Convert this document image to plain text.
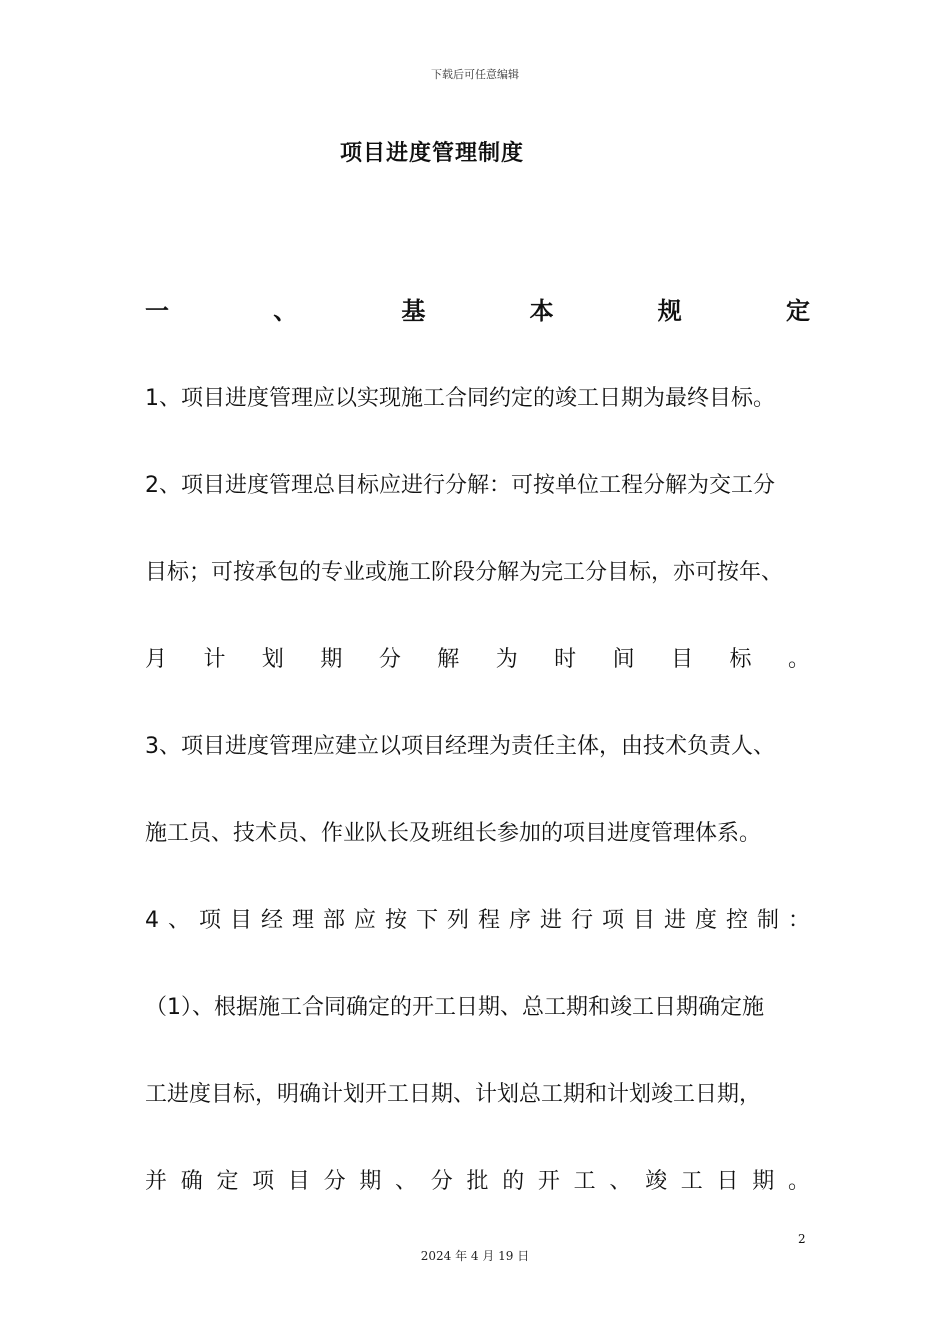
下载后可任意编辑
项目进度管理制度
一	、	基	本	规	定
1、项目进度管理应以实现施工合同约定的竣工日期为最终目标。
2、项目进度管理总目标应进行分解：可按单位工程分解为交工分
目标；可按承包的专业或施工阶段分解为完工分目标，亦可按年、
月 计 划 期 分 解 为 时 间 目 标 。
3、项目进度管理应建立以项目经理为责任主体，由技术负责人、
施工员、技术员、作业队长及班组长参加的项目进度管理体系。
4 、 项 目 经 理 部 应 按 下 列 程 序 进 行 项 目 进 度 控 制 ：
（1）、根据施工合同确定的开工日期、总工期和竣工日期确定施
工进度目标，明确计划开工日期、计划总工期和计划竣工日期，
并 确 定 项 目 分 期 、 分 批 的 开 工 、 竣 工 日 期 。
2
2024 年 4 月 19 日
